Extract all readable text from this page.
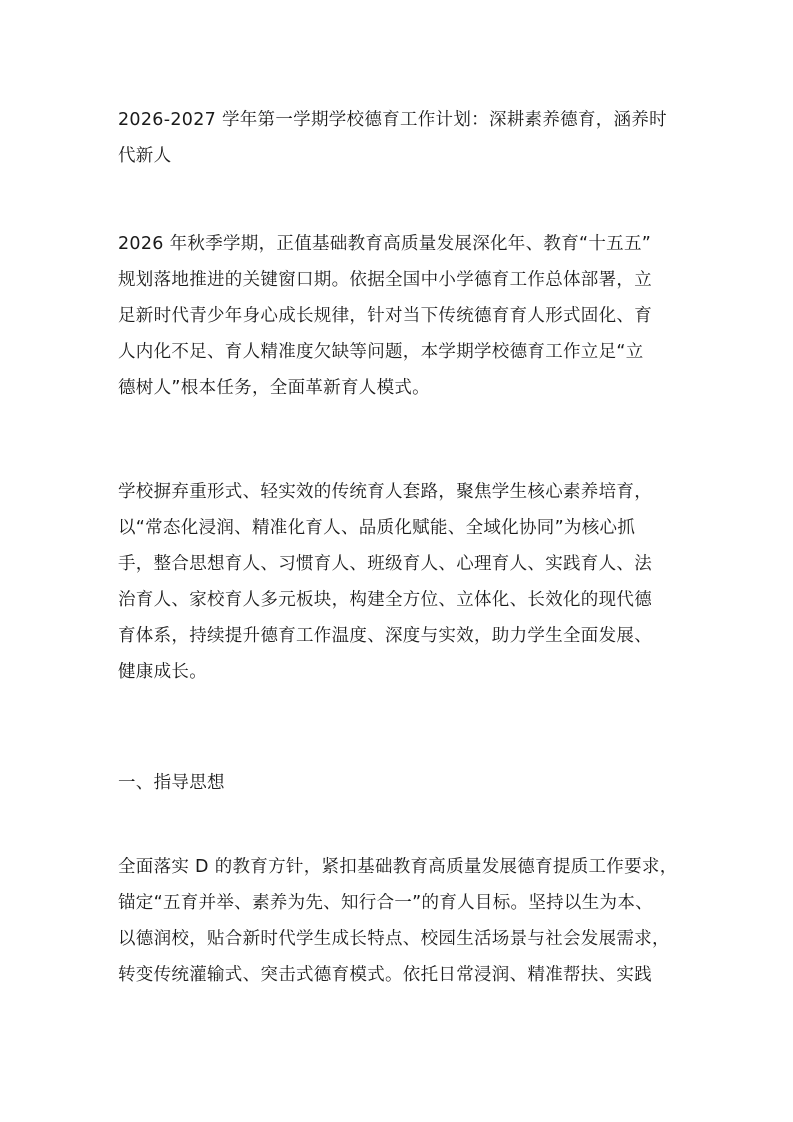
2026-2027 学年第一学期学校德育工作计划：深耕素养德育，涵养时
代新人
2026 年秋季学期，正值基础教育高质量发展深化年、教育“十五五”
规划落地推进的关键窗口期。依据全国中小学德育工作总体部署，立
足新时代青少年身心成长规律，针对当下传统德育育人形式固化、育
人内化不足、育人精准度欠缺等问题，本学期学校德育工作立足“立
德树人”根本任务，全面革新育人模式。
学校摒弃重形式、轻实效的传统育人套路，聚焦学生核心素养培育，
以“常态化浸润、精准化育人、品质化赋能、全域化协同”为核心抓
手，整合思想育人、习惯育人、班级育人、心理育人、实践育人、法
治育人、家校育人多元板块，构建全方位、立体化、长效化的现代德
育体系，持续提升德育工作温度、深度与实效，助力学生全面发展、
健康成长。
一、指导思想
全面落实 D 的教育方针，紧扣基础教育高质量发展德育提质工作要求，
锚定“五育并举、素养为先、知行合一”的育人目标。坚持以生为本、
以德润校，贴合新时代学生成长特点、校园生活场景与社会发展需求，
转变传统灌输式、突击式德育模式。依托日常浸润、精准帮扶、实践
